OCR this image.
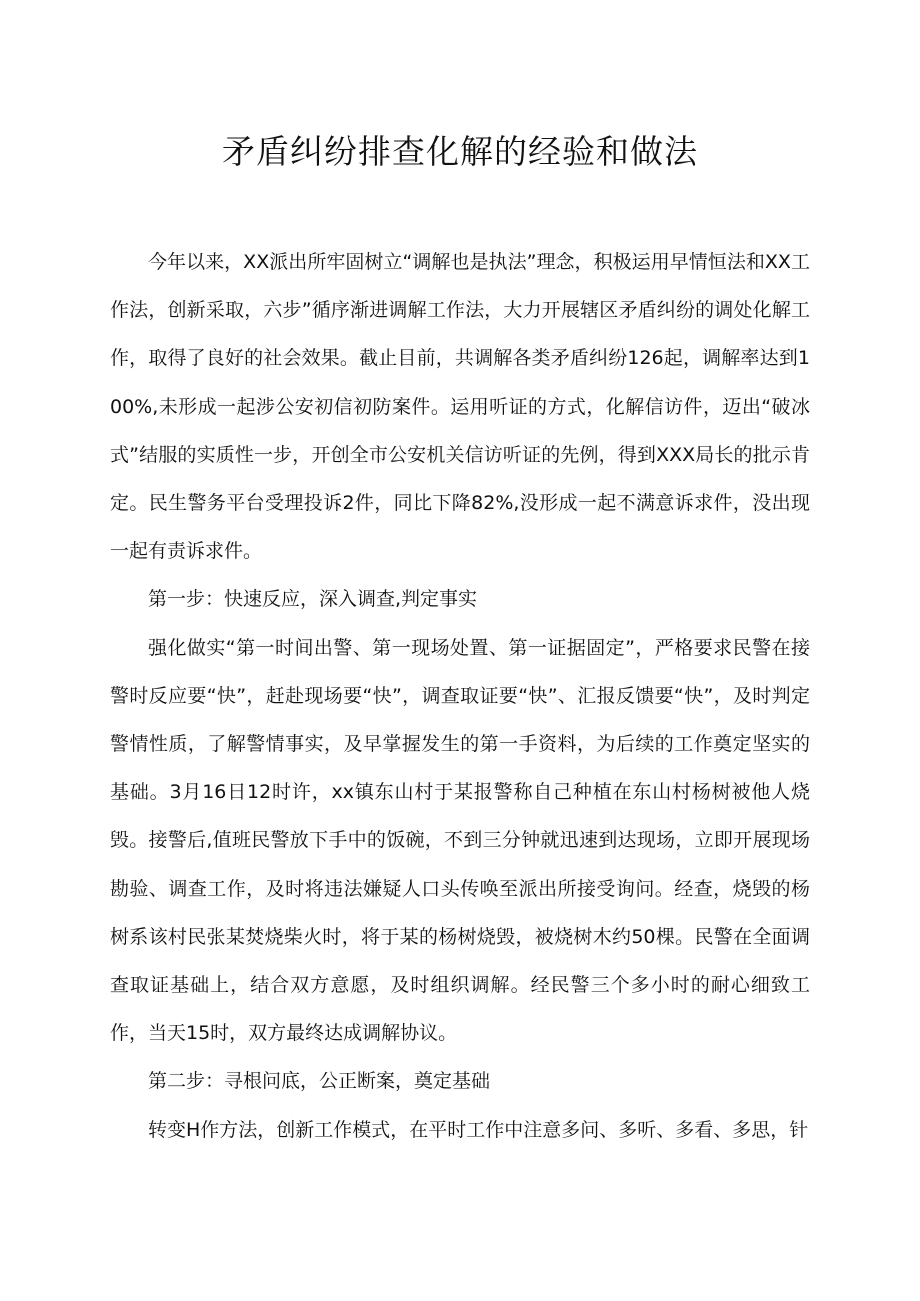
矛盾纠纷排查化解的经验和做法

今年以来，XX派出所牢固树立“调解也是执法”理念，积极运用早情恒法和XX工作法，创新采取，六步”循序渐进调解工作法，大力开展辖区矛盾纠纷的调处化解工作，取得了良好的社会效果。截止目前，共调解各类矛盾纠纷126起，调解率达到100%,未形成一起涉公安初信初防案件。运用听证的方式，化解信访件，迈出“破冰式”结服的实质性一步，开创全市公安机关信访听证的先例，得到XXX局长的批示肯定。民生警务平台受理投诉2件，同比下降82%,没形成一起不满意诉求件，没出现一起有责诉求件。

第一步：快速反应，深入调查,判定事实

强化做实“第一时间出警、第一现场处置、第一证据固定”，严格要求民警在接警时反应要“快”，赶赴现场要“快”，调查取证要“快”、汇报反馈要“快”，及时判定警情性质，了解警情事实，及早掌握发生的第一手资料，为后续的工作奠定坚实的基础。3月16日12时许，xx镇东山村于某报警称自己种植在东山村杨树被他人烧毁。接警后,值班民警放下手中的饭碗，不到三分钟就迅速到达现场，立即开展现场勘验、调查工作，及时将违法嫌疑人口头传唤至派出所接受询问。经查，烧毁的杨树系该村民张某焚烧柴火时，将于某的杨树烧毁，被烧树木约50棵。民警在全面调查取证基础上，结合双方意愿，及时组织调解。经民警三个多小时的耐心细致工作，当天15时，双方最终达成调解协议。

第二步：寻根问底，公正断案，奠定基础

转变H作方法，创新工作模式，在平时工作中注意多问、多听、多看、多思，针
